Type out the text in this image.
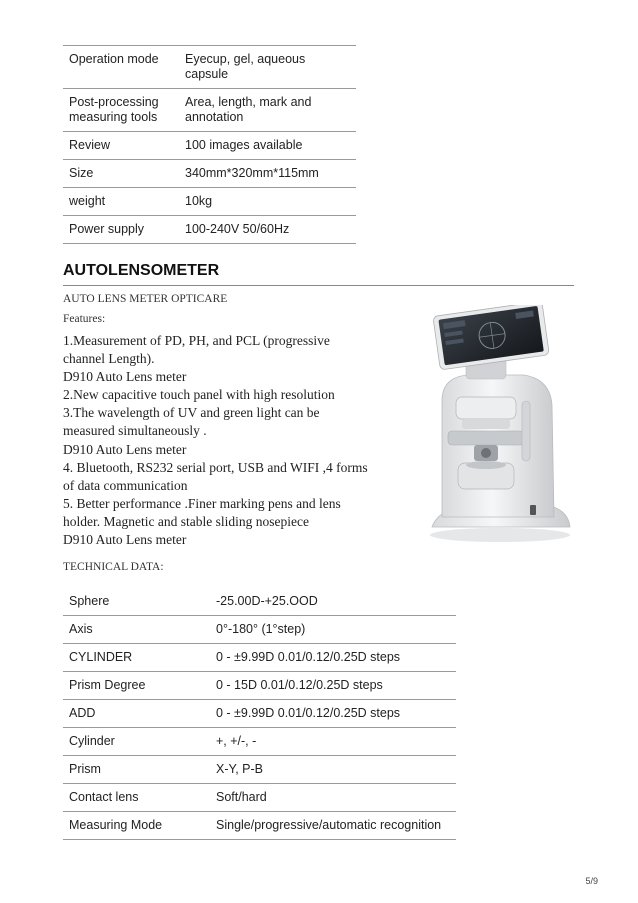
Operation mode	Eyecup, gel, aqueous capsule
Post-processing measuring tools	Area, length, mark and annotation
Review	100 images available
Size	340mm*320mm*115mm
weight	10kg
Power supply	100-240V 50/60Hz
AUTOLENSOMETER

AUTO LENS METER OPTICARE

Features:

1.Measurement of PD, PH, and PCL (progressive
channel Length).
D910 Auto Lens meter
2.New capacitive touch panel with high resolution
3.The wavelength of UV and green light can be
measured simultaneously .
D910 Auto Lens meter
4. Bluetooth, RS232 serial port, USB and WIFI ,4 forms
of data communication
5. Better performance .Finer marking pens and lens
holder. Magnetic and stable sliding nosepiece
D910 Auto Lens meter

TECHNICAL DATA:

Sphere	-25.00D-+25.OOD
Axis	0°-180° (1°step)
CYLINDER	0 - ±9.99D 0.01/0.12/0.25D steps
Prism Degree	0 - 15D 0.01/0.12/0.25D steps
ADD	0 - ±9.99D 0.01/0.12/0.25D steps
Cylinder	+, +/-, -
Prism	X-Y, P-B
Contact lens	Soft/hard
Measuring Mode	Single/progressive/automatic recognition
5/9
